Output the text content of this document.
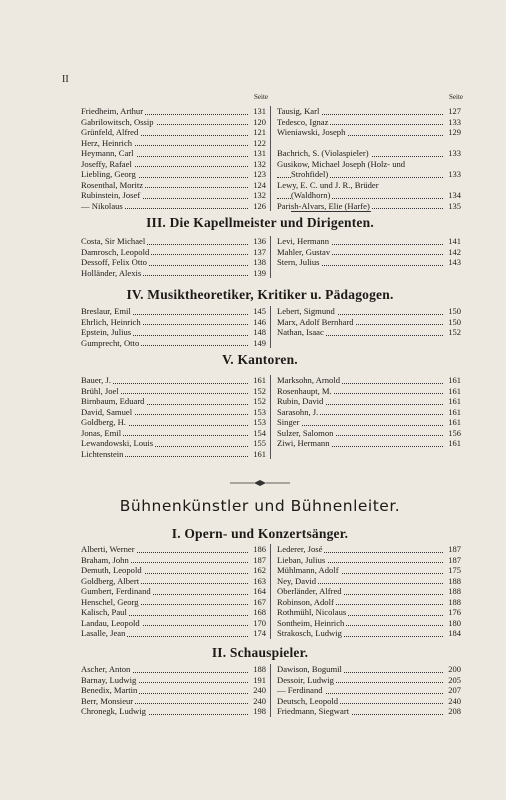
II
Seite
Friedheim, Arthur	131
Gabrilowitsch, Ossip	120
Grünfeld, Alfred	121
Herz, Heinrich	122
Heymann, Carl	131
Joseffy, Rafael	132
Liebling, Georg	123
Rosenthal, Moritz	124
Rubinstein, Josef	132
— Nikolaus	126
Seite
Tausig, Karl	127
Tedesco, Ignaz	133
Wieniawski, Joseph	129
Bachrich, S. (Violaspieler)	133
Gusikow, Michael Joseph (Holz- und
Strohfidel)	133
Lewy, E. C. und J. R., Brüder
(Waldhorn)	134
Parish-Alvars, Elie (Harfe)	135
III. Die Kapellmeister und Dirigenten.
Costa, Sir Michael	136
Damrosch, Leopold	137
Dessoff, Felix Otto	138
Holländer, Alexis	139
Levi, Hermann	141
Mahler, Gustav	142
Stern, Julius	143
IV. Musiktheoretiker, Kritiker u. Pädagogen.
Breslaur, Emil	145
Ehrlich, Heinrich	146
Epstein, Julius	148
Gumprecht, Otto	149
Lebert, Sigmund	150
Marx, Adolf Bernhard	150
Nathan, Isaac	152
V. Kantoren.
Bauer, J.	161
Brühl, Joel	152
Birnbaum, Eduard	152
David, Samuel	153
Goldberg, H.	153
Jonas, Emil	154
Lewandowski, Louis	155
Lichtenstein	161
Marksohn, Arnold	161
Rosenhaupt, M.	161
Rubin, David	161
Sarasohn, J.	161
Singer	161
Sulzer, Salomon	156
Ziwi, Hermann	161
Bühnenkünstler und Bühnenleiter.
I. Opern- und Konzertsänger.
Alberti, Werner	186
Braham, John	187
Demuth, Leopold	162
Goldberg, Albert	163
Gumbert, Ferdinand	164
Henschel, Georg	167
Kalisch, Paul	168
Landau, Leopold	170
Lasalle, Jean	174
Lederer, José	187
Lieban, Julius	187
Mühlmann, Adolf	175
Ney, David	188
Oberländer, Alfred	188
Robinson, Adolf	188
Rothmühl, Nicolaus	176
Sontheim, Heinrich	180
Strakosch, Ludwig	184
II. Schauspieler.
Ascher, Anton	188
Barnay, Ludwig	191
Benedix, Martin	240
Berr, Monsieur	240
Chronegk, Ludwig	198
Dawison, Bogumil	200
Dessoir, Ludwig	205
— Ferdinand	207
Deutsch, Leopold	240
Friedmann, Siegwart	208
